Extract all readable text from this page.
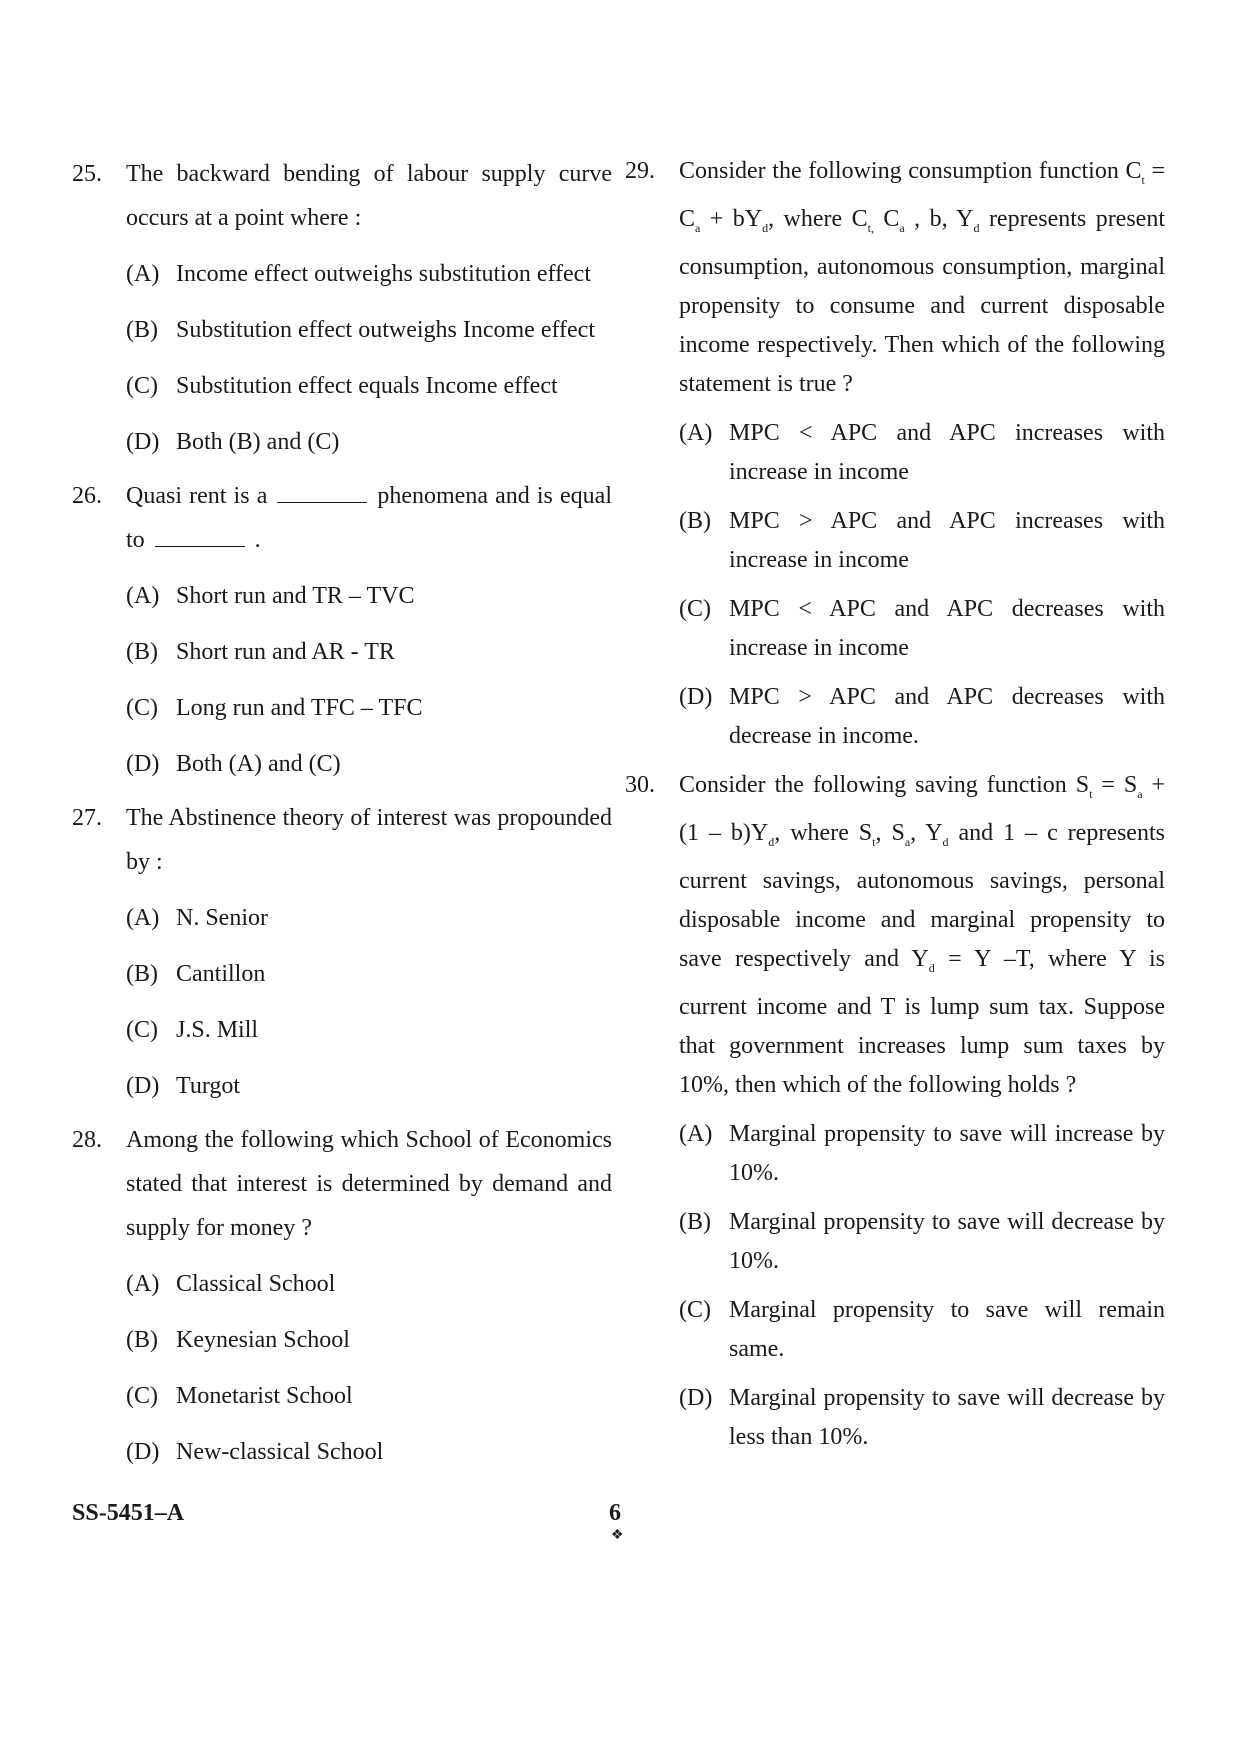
25.	The backward bending of labour supply curve occurs at a point where :
(A) Income effect outweighs substitution effect
(B) Substitution effect outweighs Income effect
(C) Substitution effect equals Income effect
(D) Both (B) and (C)
26.	Quasi rent is a	phenomena and is equal to	.
(A) Short run and TR – TVC
(B) Short run and AR - TR
(C) Long run and TFC – TFC
(D) Both (A) and (C)
27.	The Abstinence theory of interest was propounded by :
(A) N. Senior
(B) Cantillon
(C) J.S. Mill
(D) Turgot
28.	Among the following which School of Economics stated that interest is determined by demand and supply for money ?
(A) Classical School
(B) Keynesian School
(C) Monetarist School
(D) New-classical School
29.	Consider the following consumption function $C_t = C_a + bY_d$, where $C_{t,}$ $C_a$ , b, $Y_d$ represents present consumption, autonomous consumption, marginal propensity to consume and current disposable income respectively. Then which of the following statement is true ?
(A) MPC < APC and APC increases with increase in income
(B) MPC > APC and APC increases with increase in income
(C) MPC < APC and APC decreases with increase in income
(D) MPC > APC and APC decreases with decrease in income.
30.	Consider the following saving function $S_t = S_a + (1 - b)Y_d$, where $S_t$, $S_a$, $Y_d$ and 1 – c represents current savings, autonomous savings, personal disposable income and marginal propensity to save respectively and $Y_d = Y$ –T, where Y is current income and T is lump sum tax. Suppose that government increases lump sum taxes by 10%, then which of the following holds ?
(A) Marginal propensity to save will increase by 10%.
(B) Marginal propensity to save will decrease by 10%.
(C) Marginal propensity to save will remain same.
(D) Marginal propensity to save will decrease by less than 10%.
SS-5451–A	6
❖
